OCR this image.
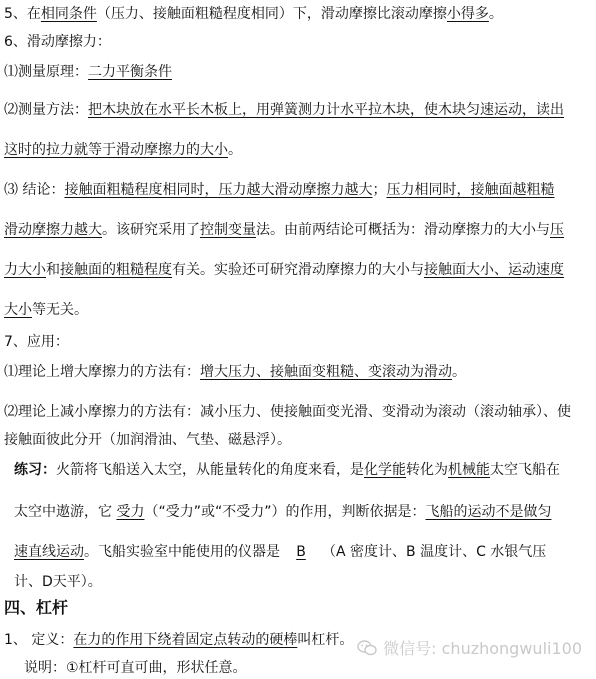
5、在相同条件（压力、接触面粗糙程度相同）下，滑动摩擦比滚动摩擦小得多。
6、滑动摩擦力：
⑴测量原理：二力平衡条件
⑵测量方法：把木块放在水平长木板上，用弹簧测力计水平拉木块，使木块匀速运动，读出
这时的拉力就等于滑动摩擦力的大小。
⑶ 结论：接触面粗糙程度相同时，压力越大滑动摩擦力越大；压力相同时，接触面越粗糙
滑动摩擦力越大。该研究采用了控制变量法。由前两结论可概括为：滑动摩擦力的大小与压
力大小和接触面的粗糙程度有关。实验还可研究滑动摩擦力的大小与接触面大小、运动速度
大小等无关。
7、应用：
⑴理论上增大摩擦力的方法有：增大压力、接触面变粗糙、变滚动为滑动。
⑵理论上减小摩擦力的方法有：减小压力、使接触面变光滑、变滑动为滚动（滚动轴承）、使
接触面彼此分开（加润滑油、气垫、磁悬浮）。
练习：火箭将飞船送入太空，从能量转化的角度来看，是化学能转化为机械能太空飞船在
太空中遨游，它 受力（“受力”或“不受力”）的作用，判断依据是：飞船的运动不是做匀
速直线运动。飞船实验室中能使用的仪器是 B （A 密度计、B 温度计、C 水银气压
计、D天平）。
四、杠杆
1、 定义：在力的作用下绕着固定点转动的硬棒叫杠杆。
说明：①杠杆可直可曲，形状任意。
微信号: chuzhongwuli100
